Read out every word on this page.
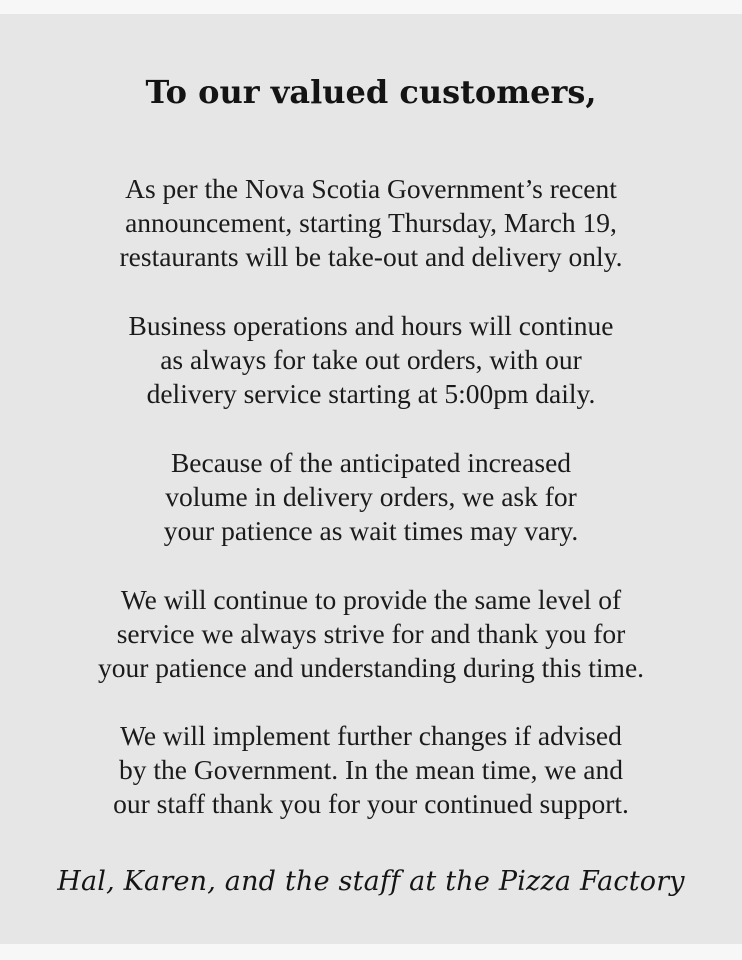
To our valued customers,

As per the Nova Scotia Government’s recent
announcement, starting Thursday, March 19,
restaurants will be take-out and delivery only.

Business operations and hours will continue
as always for take out orders, with our
delivery service starting at 5:00pm daily.

Because of the anticipated increased
volume in delivery orders, we ask for
your patience as wait times may vary.

We will continue to provide the same level of
service we always strive for and thank you for
your patience and understanding during this time.

We will implement further changes if advised
by the Government. In the mean time, we and
our staff thank you for your continued support.

Hal, Karen, and the staff at the Pizza Factory
